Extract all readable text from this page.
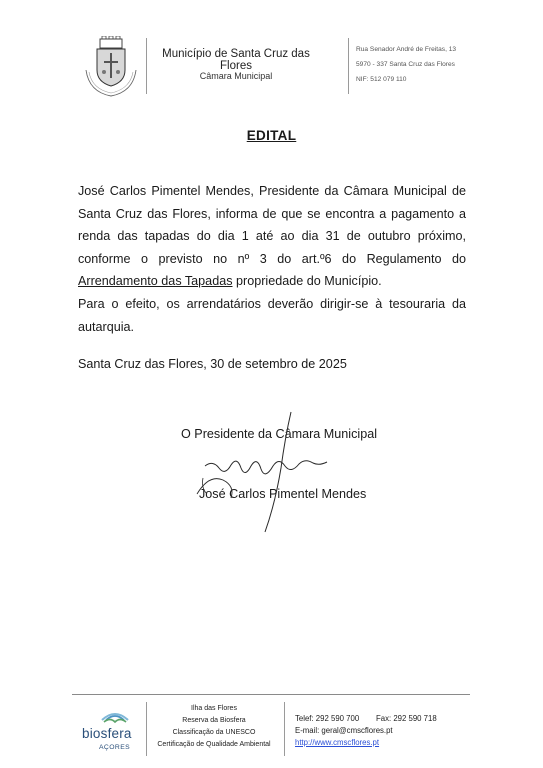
Município de Santa Cruz das Flores
Câmara Municipal
Rua Senador André de Freitas, 13
5970 - 337 Santa Cruz das Flores
NIF: 512 079 110
EDITAL

José Carlos Pimentel Mendes, Presidente da Câmara Municipal de Santa Cruz das Flores, informa de que se encontra a pagamento a renda das tapadas do dia 1 até ao dia 31 de outubro próximo, conforme o previsto no nº 3 do art.º6 do Regulamento do Arrendamento das Tapadas propriedade do Município.

Para o efeito, os arrendatários deverão dirigir-se à tesouraria da autarquia.

Santa Cruz das Flores, 30 de setembro de 2025
O Presidente da Câmara Municipal
José Carlos Pimentel Mendes
biosfera
AÇORES
Ilha das Flores
Reserva da Biosfera
Classificação da UNESCO
Certificação de Qualidade Ambiental
Telef: 292 590 700 Fax: 292 590 718
E-mail: geral@cmscflores.pt
http://www.cmscflores.pt
